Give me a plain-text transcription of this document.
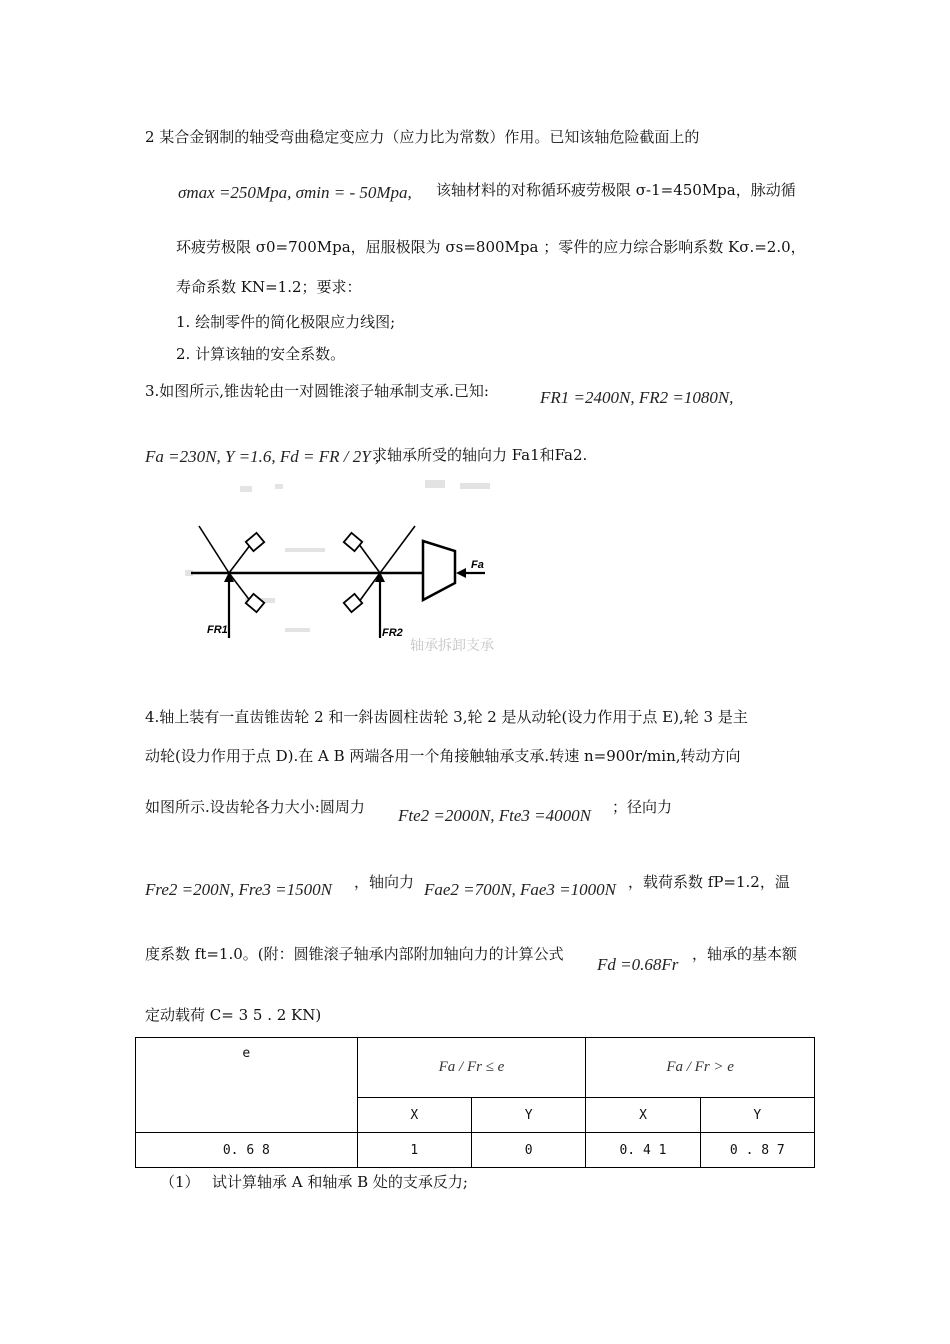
2 某合金钢制的轴受弯曲稳定变应力（应力比为常数）作用。已知该轴危险截面上的
σmax =250Mpa, σmin = - 50Mpa, 该轴材料的对称循环疲劳极限 σ-1=450Mpa，脉动循
环疲劳极限 σ0=700Mpa，屈服极限为 σs=800Mpa ；零件的应力综合影响系数 Kσ.=2.0，
寿命系数 KN=1.2；要求：
1. 绘制零件的简化极限应力线图;
2. 计算该轴的安全系数。
3.如图所示,锥齿轮由一对圆锥滚子轴承制支承.已知:	FR1 =2400N, FR2 =1080N,
Fa =230N, Y =1.6, Fd = FR / 2Y ,
求轴承所受的轴向力 Fa1和Fa2.
轴承拆卸支承
FR1	FR2
Fa
4.轴上装有一直齿锥齿轮 2 和一斜齿圆柱齿轮 3,轮 2 是从动轮(设力作用于点 E),轮 3 是主
动轮(设力作用于点 D).在 A B 两端各用一个角接触轴承支承.转速 n=900r/min,转动方向
如图所示.设齿轮各力大小:圆周力 Fte2 =2000N, Fte3 =4000N ；径向力
Fre2 =200N, Fre3 =1500N ，轴向力 Fae2 =700N, Fae3 =1000N ，载荷系数 fP=1.2，温
度系数 ft=1.0。(附：圆锥滚子轴承内部附加轴向力的计算公式
Fd =0.68Fr
，轴承的基本额
定动载荷 C= 3 5 . 2 KN)
e	Fa / Fr ≤ e		Fa / Fr > e	
	X	Y	X	Y
0. 6 8	1	0	0. 4 1	0 . 8 7
（1） 试计算轴承 A 和轴承 B 处的支承反力;
